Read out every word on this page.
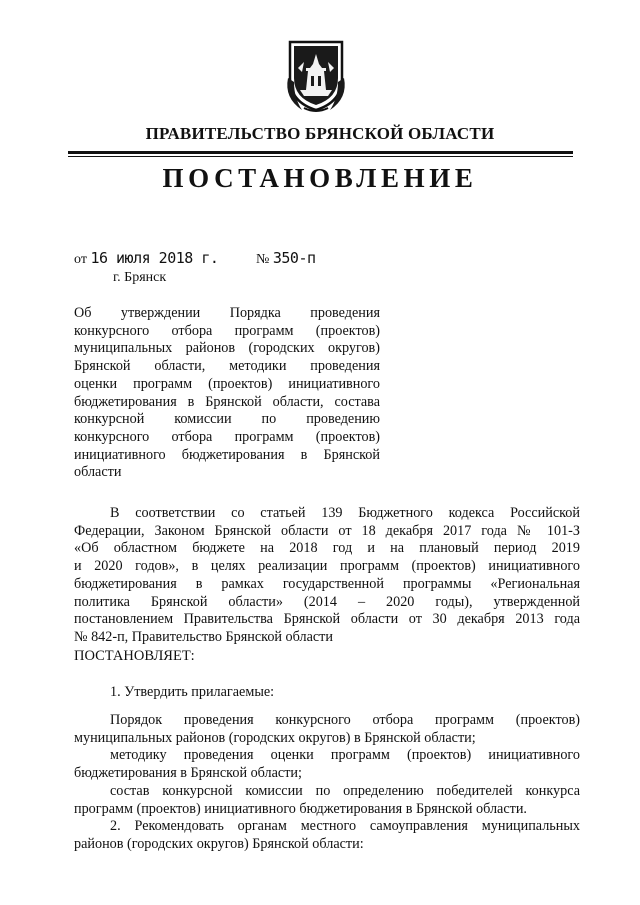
ПРАВИТЕЛЬСТВО БРЯНСКОЙ ОБЛАСТИ
ПОСТАНОВЛЕНИЕ
от 16 июля 2018 г.	№ 350-п
г. Брянск
Об утверждении Порядка проведения
конкурсного отбора программ (проектов)
муниципальных районов (городских округов)
Брянской области, методики проведения
оценки программ (проектов) инициативного
бюджетирования в Брянской области, состава
конкурсной комиссии по проведению
конкурсного отбора программ (проектов)
инициативного бюджетирования в Брянской
области
В соответствии со статьей 139 Бюджетного кодекса Российской
Федерации, Законом Брянской области от 18 декабря 2017 года № 101-З
«Об областном бюджете на 2018 год и на плановый период 2019
и 2020 годов», в целях реализации программ (проектов) инициативного
бюджетирования в рамках государственной программы «Региональная
политика Брянской области» (2014 – 2020 годы), утвержденной
постановлением Правительства Брянской области от 30 декабря 2013 года
№ 842-п, Правительство Брянской области
ПОСТАНОВЛЯЕТ:
1. Утвердить прилагаемые:
Порядок проведения конкурсного отбора программ (проектов)
муниципальных районов (городских округов) в Брянской области;
методику проведения оценки программ (проектов) инициативного
бюджетирования в Брянской области;
состав конкурсной комиссии по определению победителей конкурса
программ (проектов) инициативного бюджетирования в Брянской области.
2. Рекомендовать органам местного самоуправления муниципальных
районов (городских округов) Брянской области:
